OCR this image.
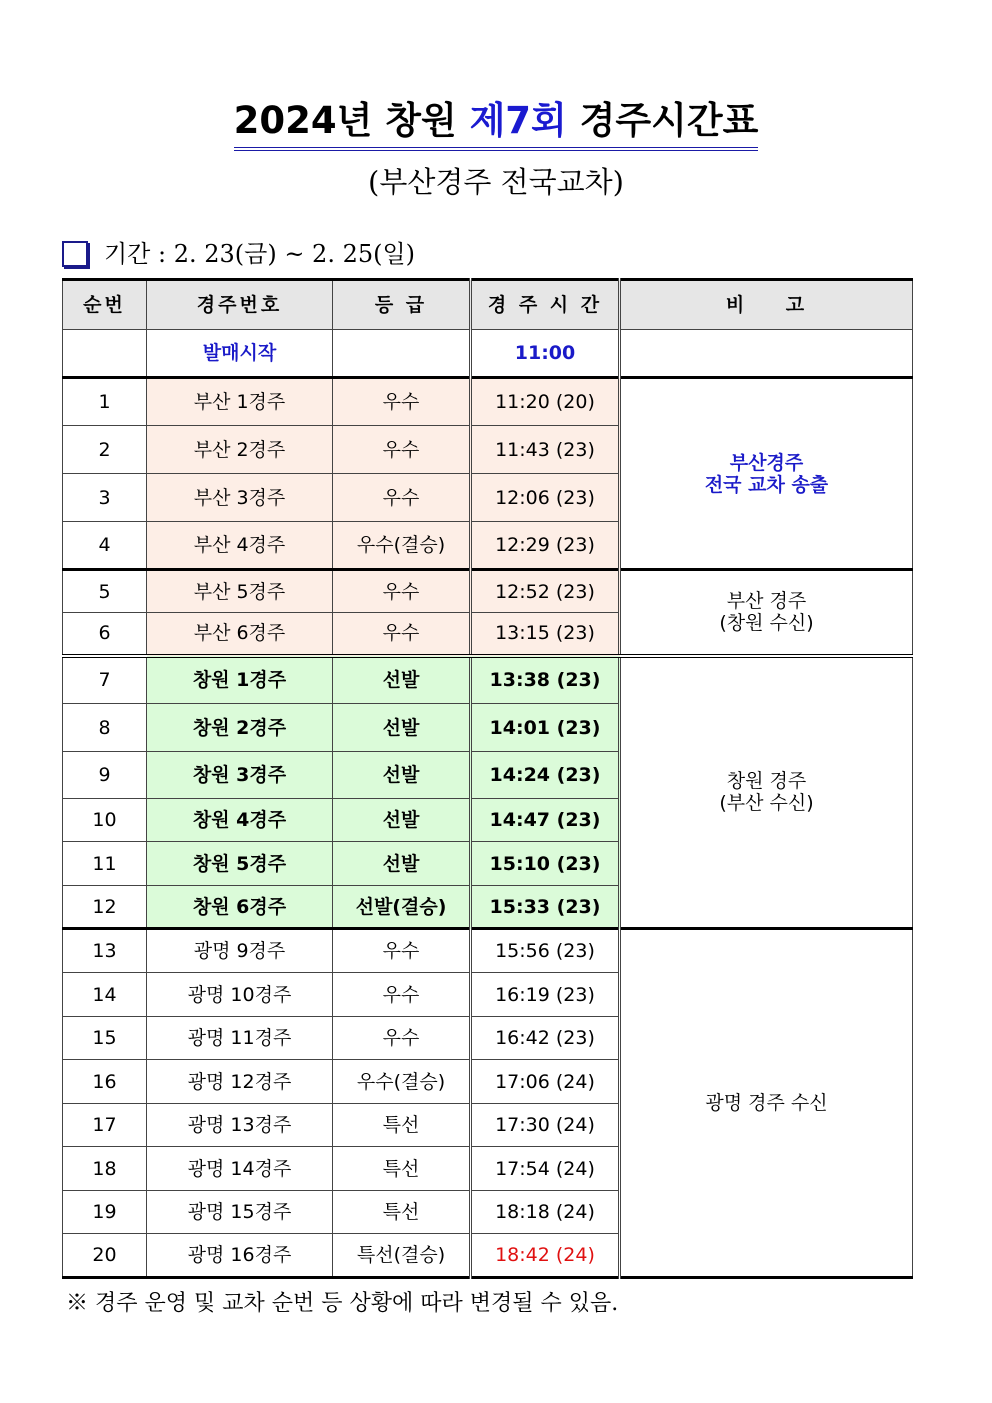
2024년 창원 제7회 경주시간표
(부산경주 전국교차)
기간 : 2. 23(금) ~ 2. 25(일)
순번	경주번호	등 급	경 주 시 간	비    고
	발매시작		11:00	
1	부산 1경주	우수	11:20 (20)	부산경주
전국 교차 송출

2	부산 2경주	우수	11:43 (23)	
3	부산 3경주	우수	12:06 (23)	
4	부산 4경주	우수(결승)	12:29 (23)	
5	부산 5경주	우수	12:52 (23)	부산 경주
(창원 수신)

6	부산 6경주	우수	13:15 (23)	
7	창원 1경주	선발	13:38 (23)	창원 경주
(부산 수신)

8	창원 2경주	선발	14:01 (23)	
9	창원 3경주	선발	14:24 (23)	
10	창원 4경주	선발	14:47 (23)	
11	창원 5경주	선발	15:10 (23)	
12	창원 6경주	선발(결승)	15:33 (23)	
13	광명 9경주	우수	15:56 (23)	광명 경주 수신
14	광명 10경주	우수	16:19 (23)	
15	광명 11경주	우수	16:42 (23)	
16	광명 12경주	우수(결승)	17:06 (24)	
17	광명 13경주	특선	17:30 (24)	
18	광명 14경주	특선	17:54 (24)	
19	광명 15경주	특선	18:18 (24)	
20	광명 16경주	특선(결승)	18:42 (24)	
※ 경주 운영 및 교차 순번 등 상황에 따라 변경될 수 있음.
